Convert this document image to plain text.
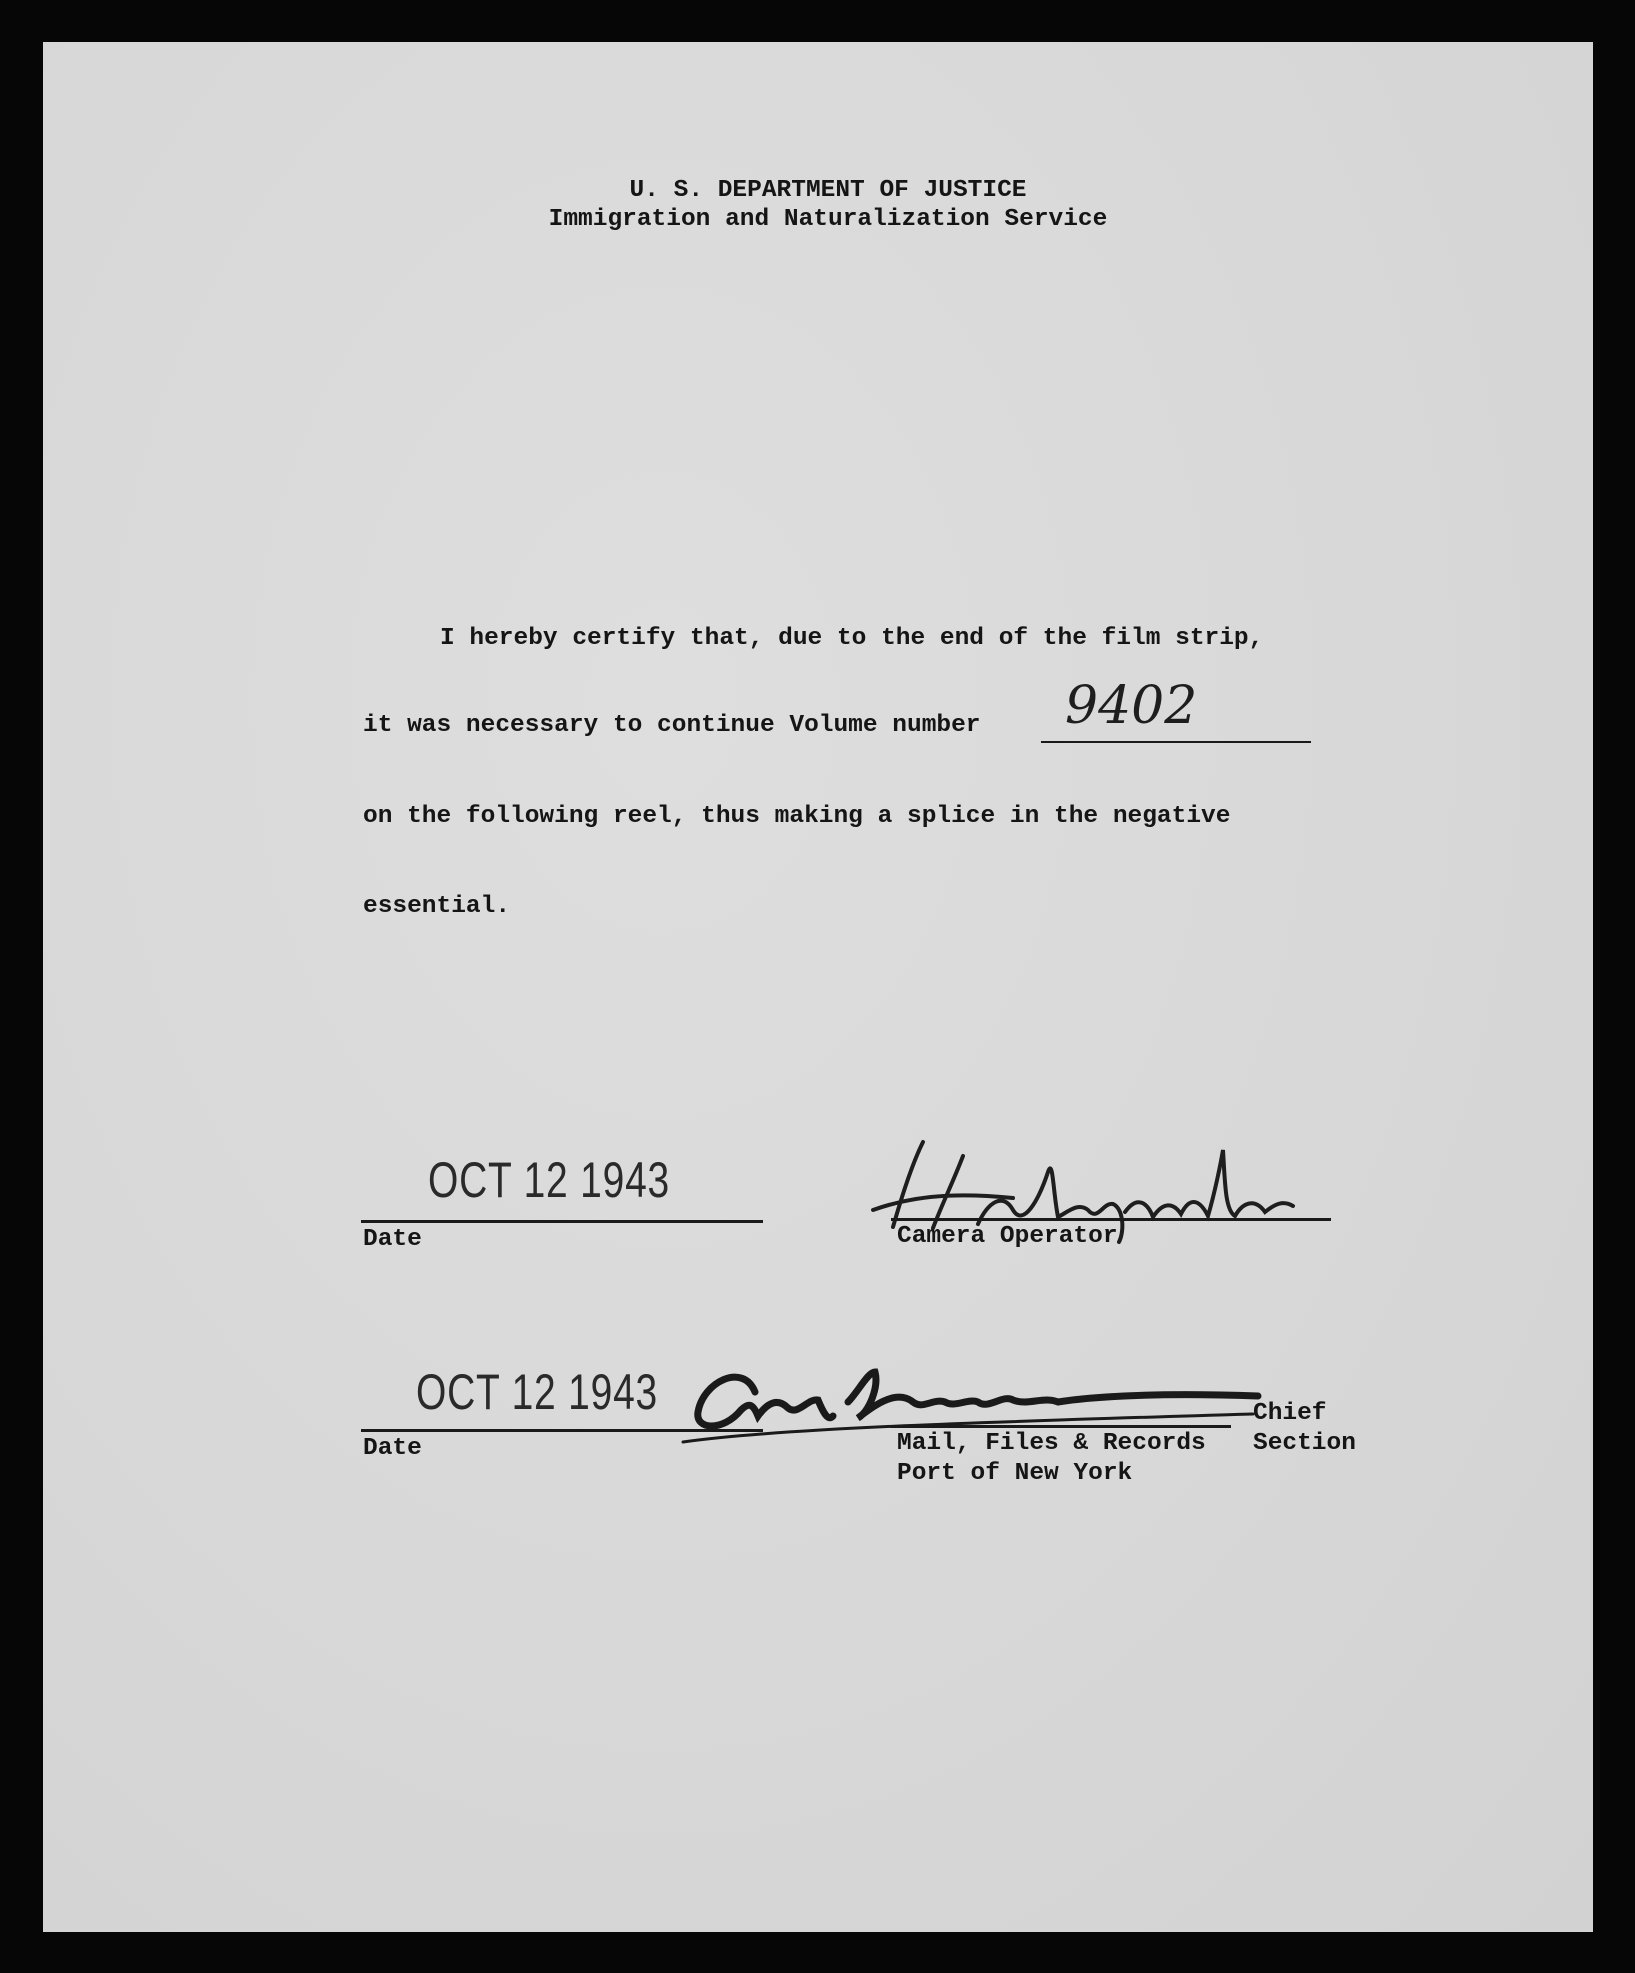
U. S. DEPARTMENT OF JUSTICE
Immigration and Naturalization Service
I hereby certify that, due to the end of the film strip,
it was necessary to continue Volume number 9402
on the following reel, thus making a splice in the negative
essential.
OCT 12 1943
Date	Camera Operator
OCT 12 1943
Date
Chief
Mail, Files & Records Section
Port of New York
